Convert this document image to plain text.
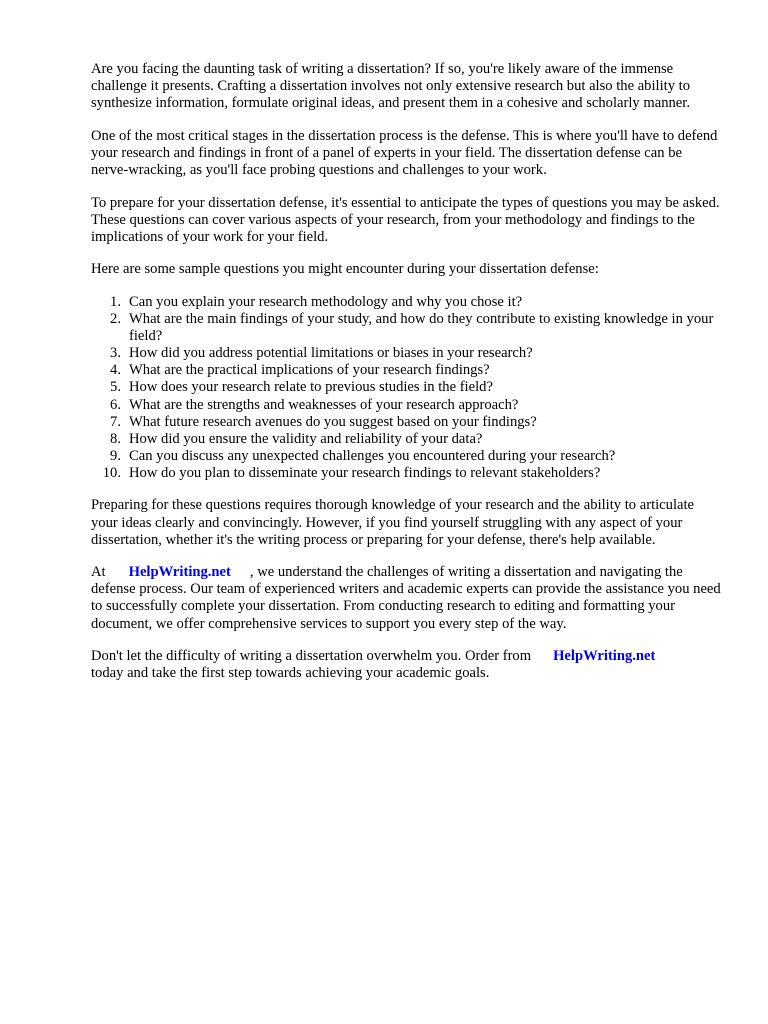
Are you facing the daunting task of writing a dissertation? If so, you're likely aware of the immense challenge it presents. Crafting a dissertation involves not only extensive research but also the ability to synthesize information, formulate original ideas, and present them in a cohesive and scholarly manner.

One of the most critical stages in the dissertation process is the defense. This is where you'll have to defend your research and findings in front of a panel of experts in your field. The dissertation defense can be nerve-wracking, as you'll face probing questions and challenges to your work.

To prepare for your dissertation defense, it's essential to anticipate the types of questions you may be asked. These questions can cover various aspects of your research, from your methodology and findings to the implications of your work for your field.

Here are some sample questions you might encounter during your dissertation defense:

1. Can you explain your research methodology and why you chose it?
2. What are the main findings of your study, and how do they contribute to existing knowledge in your field?
3. How did you address potential limitations or biases in your research?
4. What are the practical implications of your research findings?
5. How does your research relate to previous studies in the field?
6. What are the strengths and weaknesses of your research approach?
7. What future research avenues do you suggest based on your findings?
8. How did you ensure the validity and reliability of your data?
9. Can you discuss any unexpected challenges you encountered during your research?
10. How do you plan to disseminate your research findings to relevant stakeholders?

Preparing for these questions requires thorough knowledge of your research and the ability to articulate your ideas clearly and convincingly. However, if you find yourself struggling with any aspect of your dissertation, whether it's the writing process or preparing for your defense, there's help available.

At HelpWriting.net , we understand the challenges of writing a dissertation and navigating the defense process. Our team of experienced writers and academic experts can provide the assistance you need to successfully complete your dissertation. From conducting research to editing and formatting your document, we offer comprehensive services to support you every step of the way.

Don't let the difficulty of writing a dissertation overwhelm you. Order from HelpWriting.net
today and take the first step towards achieving your academic goals.
